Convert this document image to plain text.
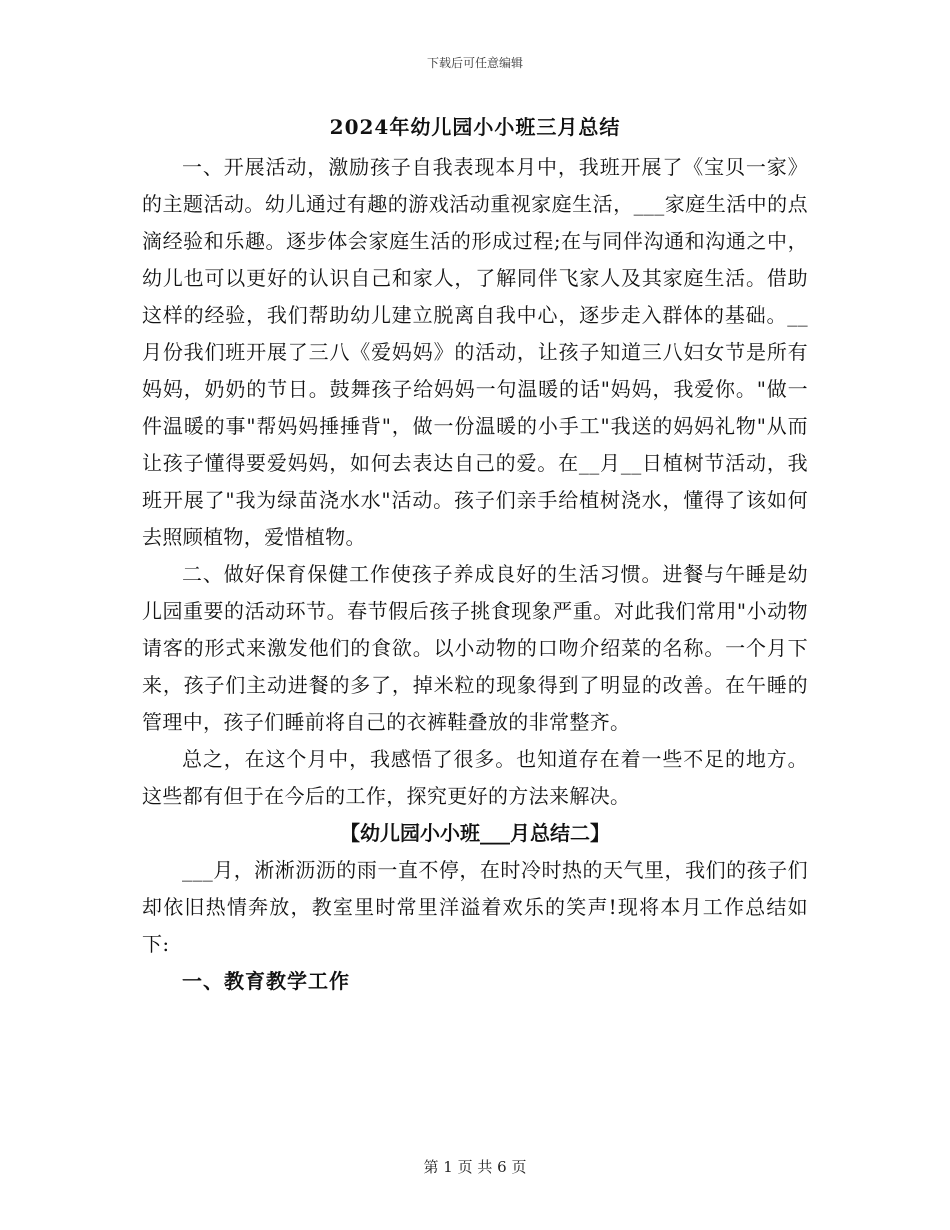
下载后可任意编辑
2024年幼儿园小小班三月总结

一、开展活动，激励孩子自我表现本月中，我班开展了《宝贝一家》的主题活动。幼儿通过有趣的游戏活动重视家庭生活，___家庭生活中的点滴经验和乐趣。逐步体会家庭生活的形成过程;在与同伴沟通和沟通之中，幼儿也可以更好的认识自己和家人，了解同伴飞家人及其家庭生活。借助这样的经验，我们帮助幼儿建立脱离自我中心，逐步走入群体的基础。__月份我们班开展了三八《爱妈妈》的活动，让孩子知道三八妇女节是所有妈妈，奶奶的节日。鼓舞孩子给妈妈一句温暖的话"妈妈，我爱你。"做一件温暖的事"帮妈妈捶捶背"，做一份温暖的小手工"我送的妈妈礼物"从而让孩子懂得要爱妈妈，如何去表达自己的爱。在__月__日植树节活动，我班开展了"我为绿苗浇水水"活动。孩子们亲手给植树浇水，懂得了该如何去照顾植物，爱惜植物。

二、做好保育保健工作使孩子养成良好的生活习惯。进餐与午睡是幼儿园重要的活动环节。春节假后孩子挑食现象严重。对此我们常用"小动物请客的形式来激发他们的食欲。以小动物的口吻介绍菜的名称。一个月下来，孩子们主动进餐的多了，掉米粒的现象得到了明显的改善。在午睡的管理中，孩子们睡前将自己的衣裤鞋叠放的非常整齐。

总之，在这个月中，我感悟了很多。也知道存在着一些不足的地方。这些都有但于在今后的工作，探究更好的方法来解决。

【幼儿园小小班___月总结二】

___月，淅淅沥沥的雨一直不停，在时冷时热的天气里，我们的孩子们却依旧热情奔放，教室里时常里洋溢着欢乐的笑声!现将本月工作总结如下:

一、教育教学工作
第 1 页 共 6 页
